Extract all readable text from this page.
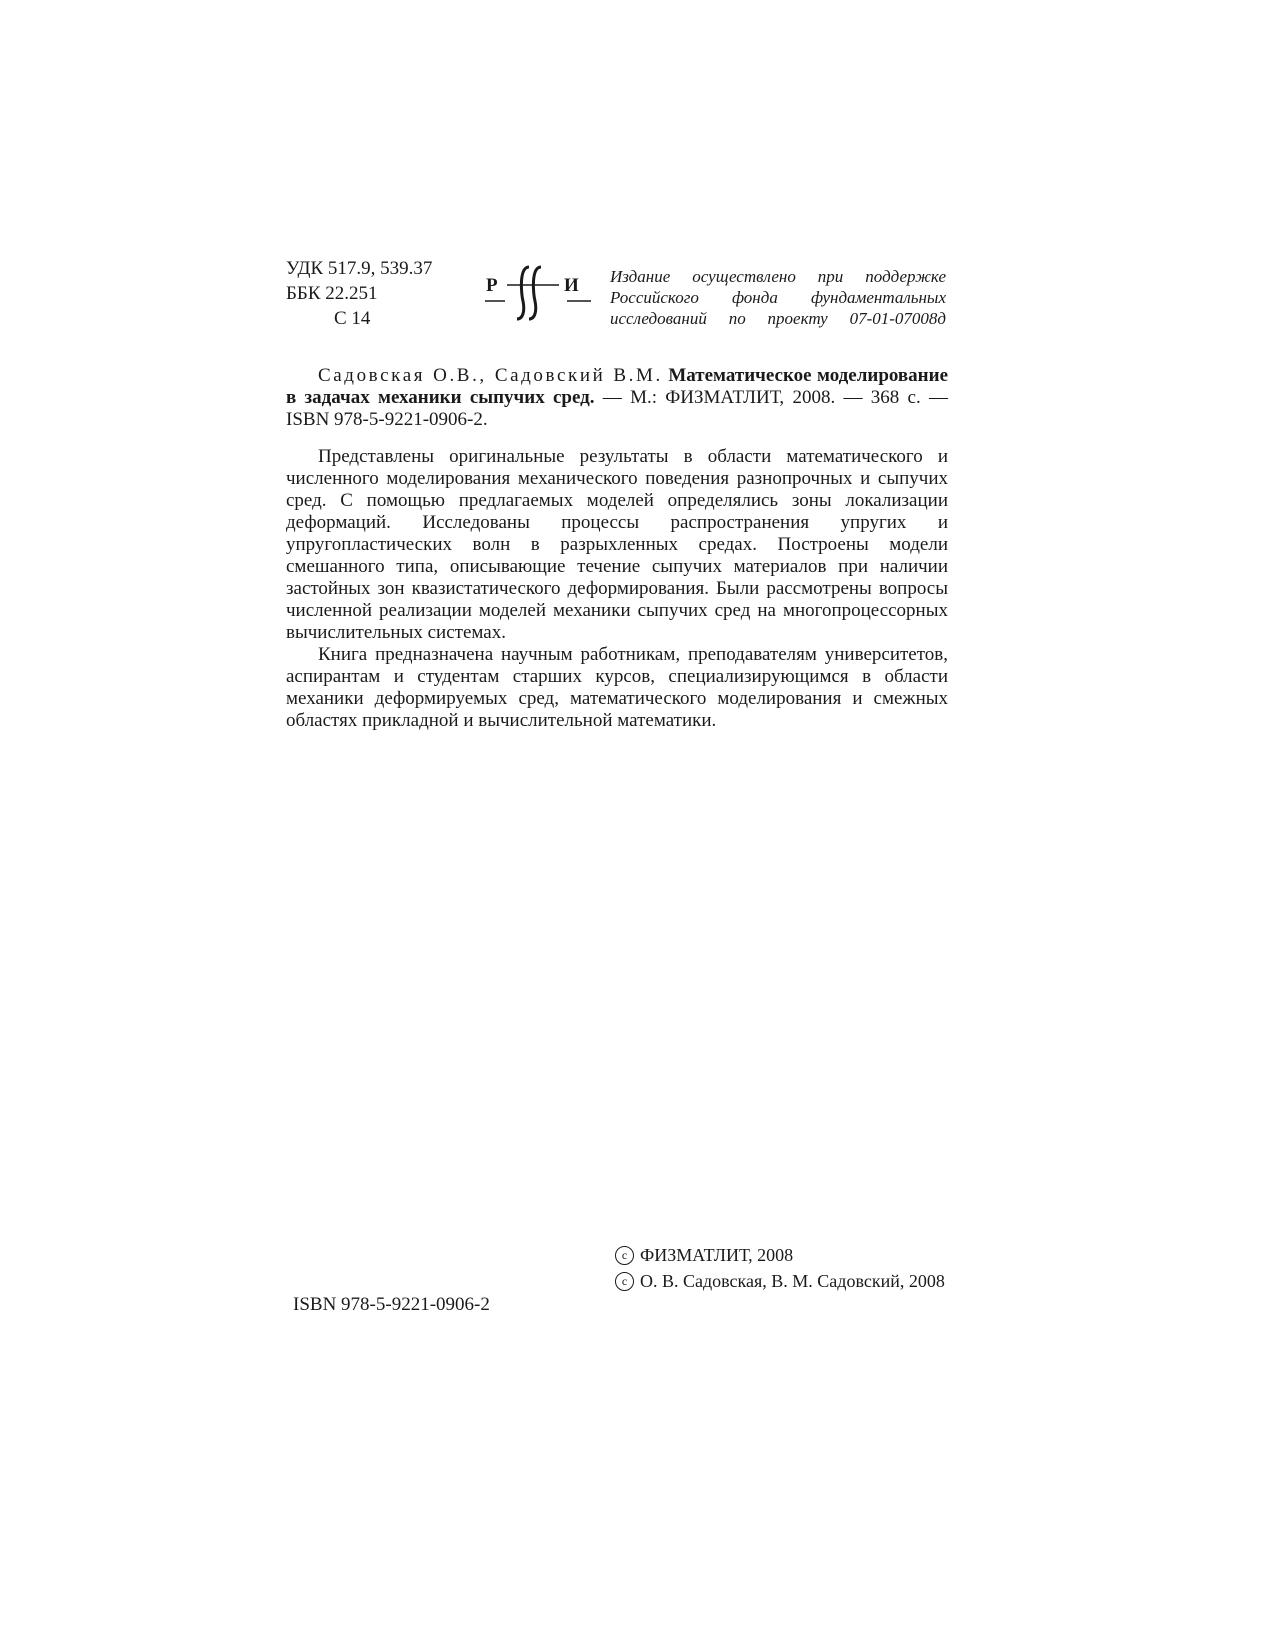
УДК 517.9, 539.37
ББК 22.251
С 14
Р	И Издание осуществлено при поддержке
Российского фонда фундаментальных
исследований по проекту 07-01-07008д

Садовская О.В., Садовский В.М. Математическое моделирование в задачах механики сыпучих сред. — М.: ФИЗМАТЛИТ, 2008. — 368 с. — ISBN 978-5-9221-0906-2.

Представлены оригинальные результаты в области математического и численного моделирования механического поведения разнопрочных и сыпучих сред. С помощью предлагаемых моделей определялись зоны локализации деформаций. Исследованы процессы распространения упругих и упругопластических волн в разрыхленных средах. Построены модели смешанного типа, описывающие течение сыпучих материалов при наличии застойных зон квазистатического деформирования. Были рассмотрены вопросы численной реализации моделей механики сыпучих сред на многопроцессорных вычислительных системах.

Книга предназначена научным работникам, преподавателям университетов, аспирантам и студентам старших курсов, специализирующимся в области механики деформируемых сред, математического моделирования и смежных областях прикладной и вычислительной математики.

ISBN 978-5-9221-0906-2
c ФИЗМАТЛИТ, 2008
c О. В. Садовская, В. М. Садовский, 2008
